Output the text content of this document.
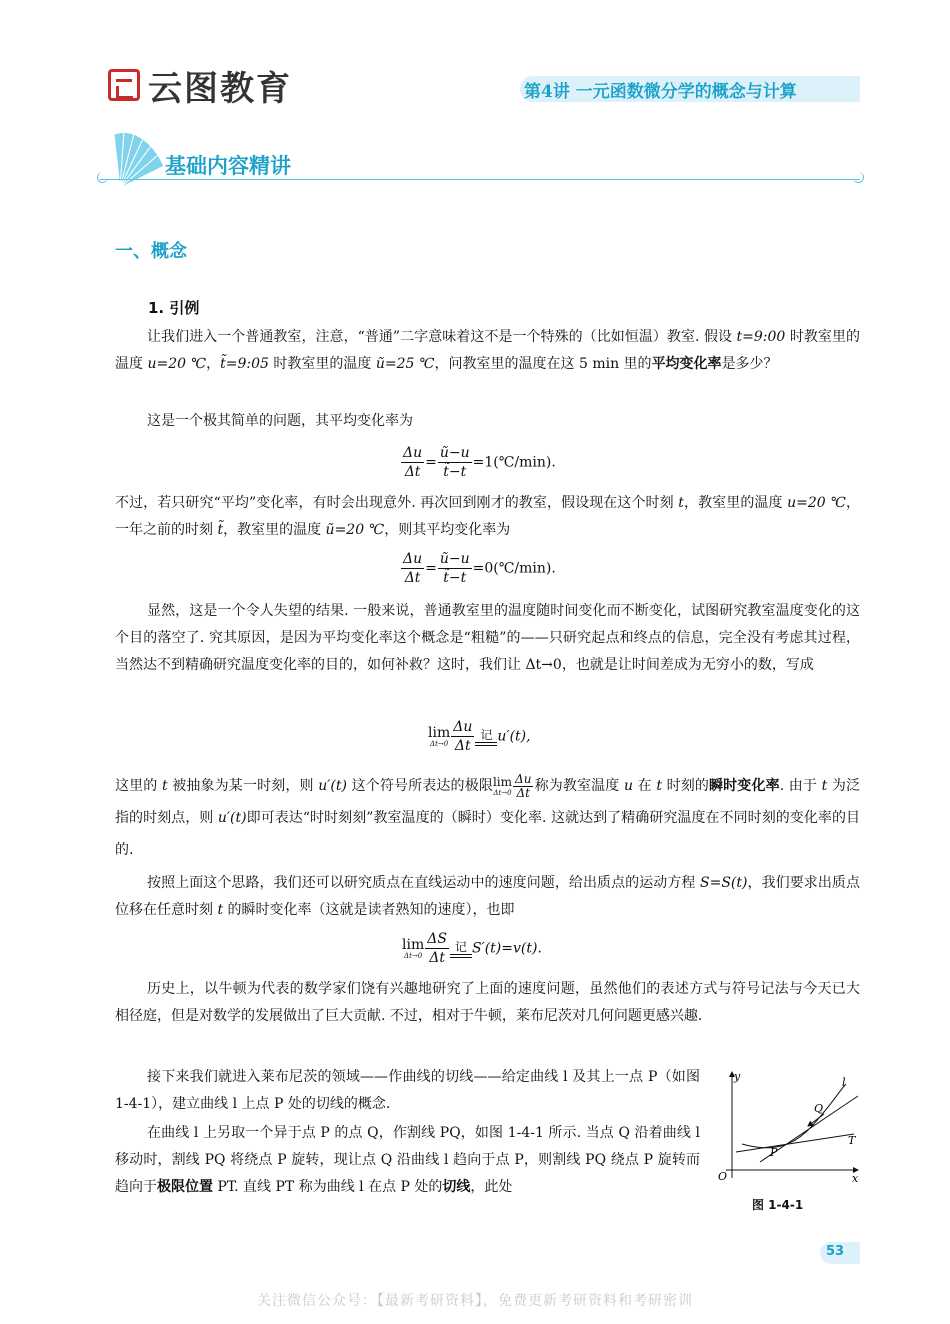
云图教育	第4讲 一元函数微分学的概念与计算
基础内容精讲
一、概念
1. 引例
让我们进入一个普通教室，注意，“普通”二字意味着这不是一个特殊的（比如恒温）教室. 假设 t=9:00 时教室里的温度 u=20 ℃，t̃=9:05 时教室里的温度 ũ=25 ℃，问教室里的温度在这 5 min 里的平均变化率是多少？
这是一个极其简单的问题，其平均变化率为
$\frac{\Delta u}{\Delta t} = \frac{ũ-u}{t̃-t}$ =1(℃/min).
不过，若只研究“平均”变化率，有时会出现意外. 再次回到刚才的教室，假设现在这个时刻 t，教室里的温度 u=20 ℃，一年之前的时刻 t̃，教室里的温度 ũ=20 ℃，则其平均变化率为
$\frac{\Delta u}{\Delta t} = \frac{ũ-u}{t̃-t}$ =0(℃/min).
显然，这是一个令人失望的结果. 一般来说，普通教室里的温度随时间变化而不断变化，试图研究教室温度变化的这个目的落空了. 究其原因，是因为平均变化率这个概念是“粗糙”的——只研究起点和终点的信息，完全没有考虑其过程，当然达不到精确研究温度变化率的目的，如何补救？这时，我们让 Δt→0，也就是让时间差成为无穷小的数，写成
lim
$\Delta t\to 0 \frac{\Delta u}{\Delta t}$ 记 u′(t),
这里的 t 被抽象为某一时刻，则 u′(t) 这个符号所表达的极限lim
$\Delta t\to 0 \frac{\Delta u}{\Delta t}$ 称为教室温度 u 在 t 时刻的瞬时变化率. 由于 t 为泛指的时刻点，则 u′(t)即可表达“时时刻刻”教室温度的（瞬时）变化率. 这就达到了精确研究温度在不同时刻的变化率的目的.
按照上面这个思路，我们还可以研究质点在直线运动中的速度问题，给出质点的运动方程 S=S(t)，我们要求出质点位移在任意时刻 t 的瞬时变化率（这就是读者熟知的速度），也即
lim
$\Delta t\to 0 \frac{\Delta S}{\Delta t}$ 记 S′(t)=v(t).
历史上，以牛顿为代表的数学家们饶有兴趣地研究了上面的速度问题，虽然他们的表述方式与符号记法与今天已大相径庭，但是对数学的发展做出了巨大贡献. 不过，相对于牛顿，莱布尼茨对几何问题更感兴趣.
接下来我们就进入莱布尼茨的领域——作曲线的切线——给定曲线 l 及其上一点 P（如图 1-4-1），建立曲线 l 上点 P 处的切线的概念.
在曲线 l 上另取一个异于点 P 的点 Q，作割线 PQ，如图 1-4-1 所示. 当点 Q 沿着曲线 l 移动时，割线 PQ 将绕点 P 旋转，现让点 Q 沿曲线 l 趋向于点 P，则割线 PQ 绕点 P 旋转而趋向于极限位置 PT. 直线 PT 称为曲线 l 在点 P 处的切线，此处
y
x
O
l
Q
P
T
图 1-4-1
53
关注微信公众号：【最新考研资料】，免费更新考研资料和考研密训
